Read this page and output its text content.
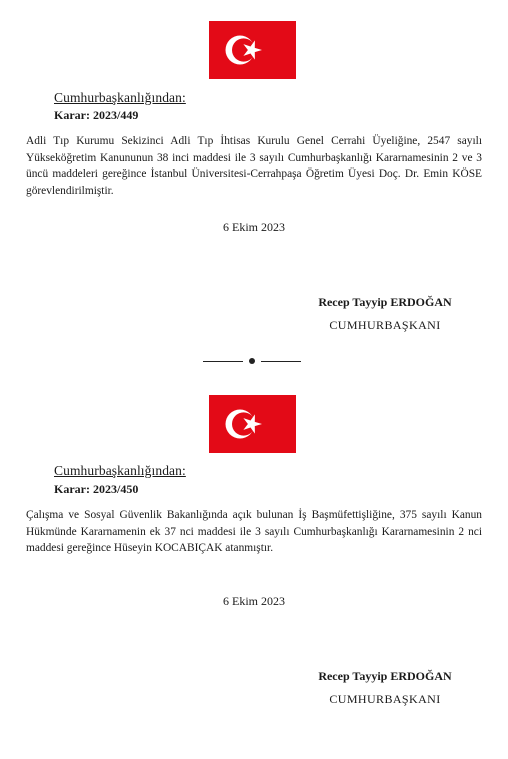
Cumhurbaşkanlığından:
Karar: 2023/449
Adli Tıp Kurumu Sekizinci Adli Tıp İhtisas Kurulu Genel Cerrahi Üyeliğine, 2547 sayılı Yükseköğretim Kanununun 38 inci maddesi ile 3 sayılı Cumhurbaşkanlığı Kararnamesinin 2 ve 3 üncü maddeleri gereğince İstanbul Üniversitesi-Cerrahpaşa Öğretim Üyesi Doç. Dr. Emin KÖSE görevlendirilmiştir.
6 Ekim 2023
Recep Tayyip ERDOĞAN
CUMHURBAŞKANI
Cumhurbaşkanlığından:
Karar: 2023/450
Çalışma ve Sosyal Güvenlik Bakanlığında açık bulunan İş Başmüfettişliğine, 375 sayılı Kanun Hükmünde Kararnamenin ek 37 nci maddesi ile 3 sayılı Cumhurbaşkanlığı Kararnamesinin 2 nci maddesi gereğince Hüseyin KOCABIÇAK atanmıştır.
6 Ekim 2023
Recep Tayyip ERDOĞAN
CUMHURBAŞKANI
